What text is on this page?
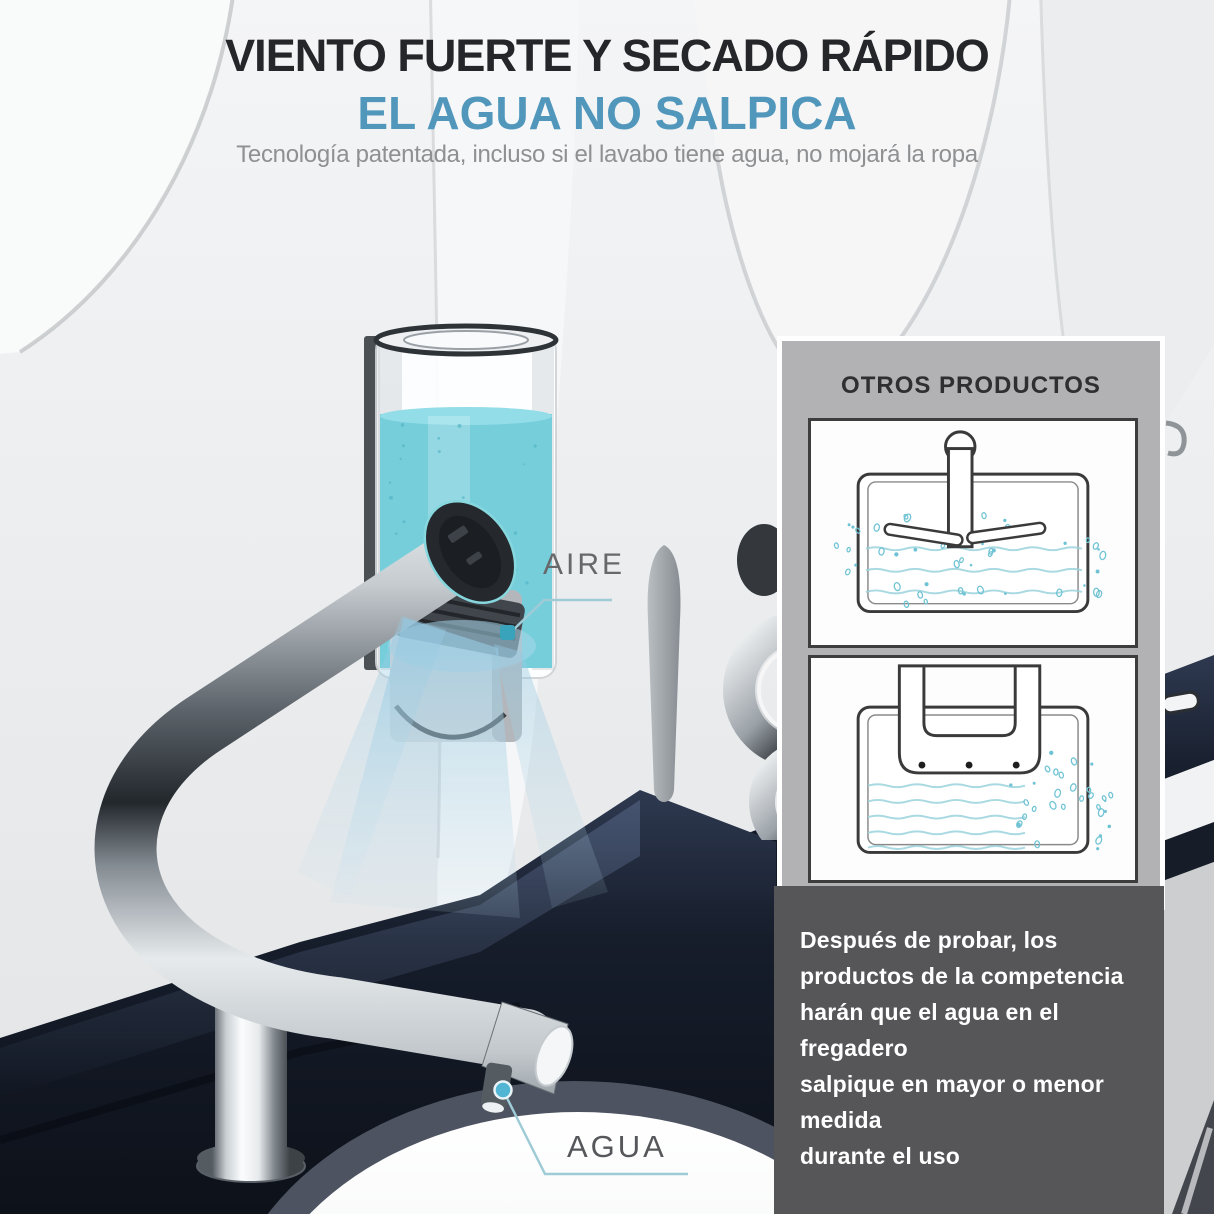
VIENTO FUERTE Y SECADO RÁPIDO
EL AGUA NO SALPICA
Tecnología patentada, incluso si el lavabo tiene agua, no mojará la ropa
AIRE
AGUA
OTROS PRODUCTOS
Después de probar, los
productos de la competencia
harán que el agua en el
fregadero
salpique en mayor o menor
medida
durante el uso
